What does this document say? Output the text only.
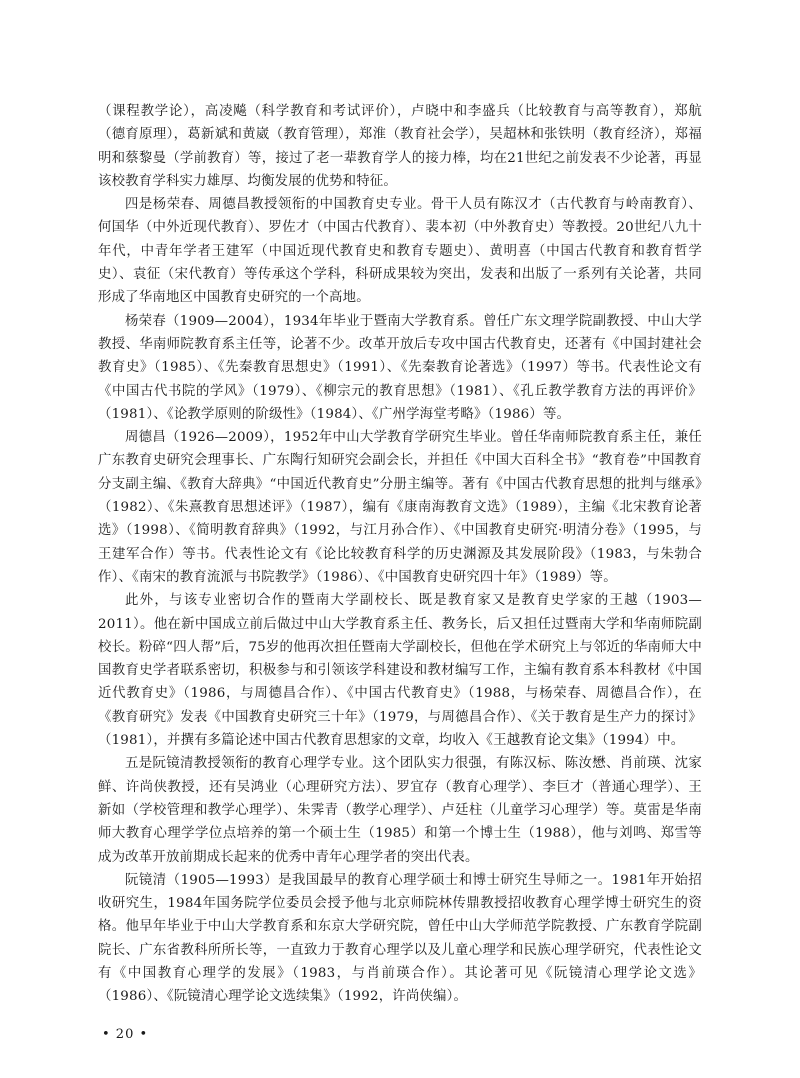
（课程教学论），高凌飚（科学教育和考试评价），卢晓中和李盛兵（比较教育与高等教育），郑航（德育原理），葛新斌和黄崴（教育管理），郑淮（教育社会学），吴超林和张铁明（教育经济），郑福明和蔡黎曼（学前教育）等，接过了老一辈教育学人的接力棒，均在21世纪之前发表不少论著，再显该校教育学科实力雄厚、均衡发展的优势和特征。

四是杨荣春、周德昌教授领衔的中国教育史专业。骨干人员有陈汉才（古代教育与岭南教育）、何国华（中外近现代教育）、罗佐才（中国古代教育）、裴本初（中外教育史）等教授。20世纪八九十年代，中青年学者王建军（中国近现代教育史和教育专题史）、黄明喜（中国古代教育和教育哲学史）、袁征（宋代教育）等传承这个学科，科研成果较为突出，发表和出版了一系列有关论著，共同形成了华南地区中国教育史研究的一个高地。

杨荣春（1909—2004），1934年毕业于暨南大学教育系。曾任广东文理学院副教授、中山大学教授、华南师院教育系主任等，论著不少。改革开放后专攻中国古代教育史，还著有《中国封建社会教育史》（1985）、《先秦教育思想史》（1991）、《先秦教育论著选》（1997）等书。代表性论文有《中国古代书院的学风》（1979）、《柳宗元的教育思想》（1981）、《孔丘教学教育方法的再评价》（1981）、《论教学原则的阶级性》（1984）、《广州学海堂考略》（1986）等。

周德昌（1926—2009），1952年中山大学教育学研究生毕业。曾任华南师院教育系主任，兼任广东教育史研究会理事长、广东陶行知研究会副会长，并担任《中国大百科全书》“教育卷”中国教育分支副主编、《教育大辞典》“中国近代教育史”分册主编等。著有《中国古代教育思想的批判与继承》（1982）、《朱熹教育思想述评》（1987），编有《康南海教育文选》（1989），主编《北宋教育论著选》（1998）、《简明教育辞典》（1992，与江月孙合作）、《中国教育史研究·明清分卷》（1995，与王建军合作）等书。代表性论文有《论比较教育科学的历史渊源及其发展阶段》（1983，与朱勃合作）、《南宋的教育流派与书院教学》（1986）、《中国教育史研究四十年》（1989）等。

此外，与该专业密切合作的暨南大学副校长、既是教育家又是教育史学家的王越（1903—2011）。他在新中国成立前后做过中山大学教育系主任、教务长，后又担任过暨南大学和华南师院副校长。粉碎“四人帮”后，75岁的他再次担任暨南大学副校长，但他在学术研究上与邻近的华南师大中国教育史学者联系密切，积极参与和引领该学科建设和教材编写工作，主编有教育系本科教材《中国近代教育史》（1986，与周德昌合作）、《中国古代教育史》（1988，与杨荣春、周德昌合作），在《教育研究》发表《中国教育史研究三十年》（1979，与周德昌合作）、《关于教育是生产力的探讨》（1981），并撰有多篇论述中国古代教育思想家的文章，均收入《王越教育论文集》（1994）中。

五是阮镜清教授领衔的教育心理学专业。这个团队实力很强，有陈汉标、陈汝懋、肖前瑛、沈家鲜、许尚侠教授，还有吴鸿业（心理研究方法）、罗宜存（教育心理学）、李巨才（普通心理学）、王新如（学校管理和教学心理学）、朱霁青（教学心理学）、卢廷柱（儿童学习心理学）等。莫雷是华南师大教育心理学学位点培养的第一个硕士生（1985）和第一个博士生（1988），他与刘鸣、郑雪等成为改革开放前期成长起来的优秀中青年心理学者的突出代表。

阮镜清（1905—1993）是我国最早的教育心理学硕士和博士研究生导师之一。1981年开始招收研究生，1984年国务院学位委员会授予他与北京师院林传鼎教授招收教育心理学博士研究生的资格。他早年毕业于中山大学教育系和东京大学研究院，曾任中山大学师范学院教授、广东教育学院副院长、广东省教科所所长等，一直致力于教育心理学以及儿童心理学和民族心理学研究，代表性论文有《中国教育心理学的发展》（1983，与肖前瑛合作）。其论著可见《阮镜清心理学论文选》（1986）、《阮镜清心理学论文选续集》（1992，许尚侠编）。

• 20 •
